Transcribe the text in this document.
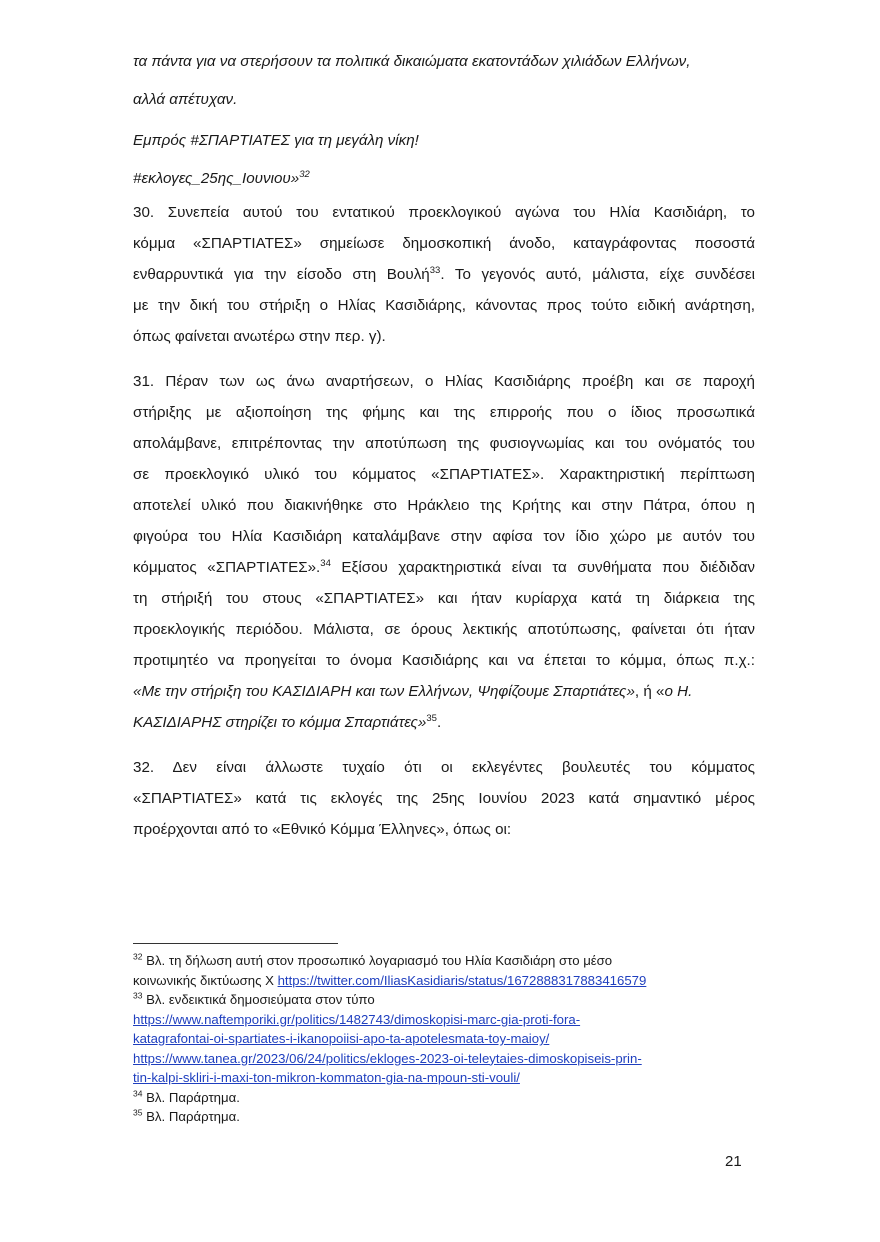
τα πάντα για να στερήσουν τα πολιτικά δικαιώματα εκατοντάδων χιλιάδων Ελλήνων,
αλλά απέτυχαν.
Εμπρός #ΣΠΑΡΤΙΑΤΕΣ για τη μεγάλη νίκη!
#εκλογες_25ης_Ιουνιου»$^{32}$
30. Συνεπεία αυτού του εντατικού προεκλογικού αγώνα του Ηλία Κασιδιάρη, το
κόμμα «ΣΠΑΡΤΙΑΤΕΣ» σημείωσε δημοσκοπική άνοδο, καταγράφοντας ποσοστά
ενθαρρυντικά για την είσοδο στη Βουλή$^{33}$. Το γεγονός αυτό, μάλιστα, είχε συνδέσει
με την δική του στήριξη ο Ηλίας Κασιδιάρης, κάνοντας προς τούτο ειδική ανάρτηση,
όπως φαίνεται ανωτέρω στην περ. γ).
31. Πέραν των ως άνω αναρτήσεων, ο Ηλίας Κασιδιάρης προέβη και σε παροχή
στήριξης με αξιοποίηση της φήμης και της επιρροής που ο ίδιος προσωπικά
απολάμβανε, επιτρέποντας την αποτύπωση της φυσιογνωμίας και του ονόματός του
σε προεκλογικό υλικό του κόμματος «ΣΠΑΡΤΙΑΤΕΣ». Χαρακτηριστική περίπτωση
αποτελεί υλικό που διακινήθηκε στο Ηράκλειο της Κρήτης και στην Πάτρα, όπου η
φιγούρα του Ηλία Κασιδιάρη καταλάμβανε στην αφίσα τον ίδιο χώρο με αυτόν του
κόμματος «ΣΠΑΡΤΙΑΤΕΣ».$^{34}$ Εξίσου χαρακτηριστικά είναι τα συνθήματα που διέδιδαν
τη στήριξή του στους «ΣΠΑΡΤΙΑΤΕΣ» και ήταν κυρίαρχα κατά τη διάρκεια της
προεκλογικής περιόδου. Μάλιστα, σε όρους λεκτικής αποτύπωσης, φαίνεται ότι ήταν
προτιμητέο να προηγείται το όνομα Κασιδιάρης και να έπεται το κόμμα, όπως π.χ.:
«Με την στήριξη του ΚΑΣΙΔΙΑΡΗ και των Ελλήνων, Ψηφίζουμε Σπαρτιάτες», ή «ο Η.
ΚΑΣΙΔΙΑΡΗΣ στηρίζει το κόμμα Σπαρτιάτες»$^{35}$.
32. Δεν είναι άλλωστε τυχαίο ότι οι εκλεγέντες βουλευτές του κόμματος
«ΣΠΑΡΤΙΑΤΕΣ» κατά τις εκλογές της 25ης Ιουνίου 2023 κατά σημαντικό μέρος
προέρχονται από το «Εθνικό Κόμμα Έλληνες», όπως οι:
$^{32}$ Βλ. τη δήλωση αυτή στον προσωπικό λογαριασμό του Ηλία Κασιδιάρη στο μέσο
κοινωνικής δικτύωσης Χ https://twitter.com/IliasKasidiaris/status/1672888317883416579
$^{33}$ Βλ. ενδεικτικά δημοσιεύματα στον τύπο
https://www.naftemporiki.gr/politics/1482743/dimoskopisi-marc-gia-proti-fora-
katagrafontai-oi-spartiates-i-ikanopoiisi-apo-ta-apotelesmata-toy-maioy/
https://www.tanea.gr/2023/06/24/politics/ekloges-2023-oi-teleytaies-dimoskopiseis-prin-
tin-kalpi-skliri-i-maxi-ton-mikron-kommaton-gia-na-mpoun-sti-vouli/
$^{34}$ Βλ. Παράρτημα.
$^{35}$ Βλ. Παράρτημα.
21
